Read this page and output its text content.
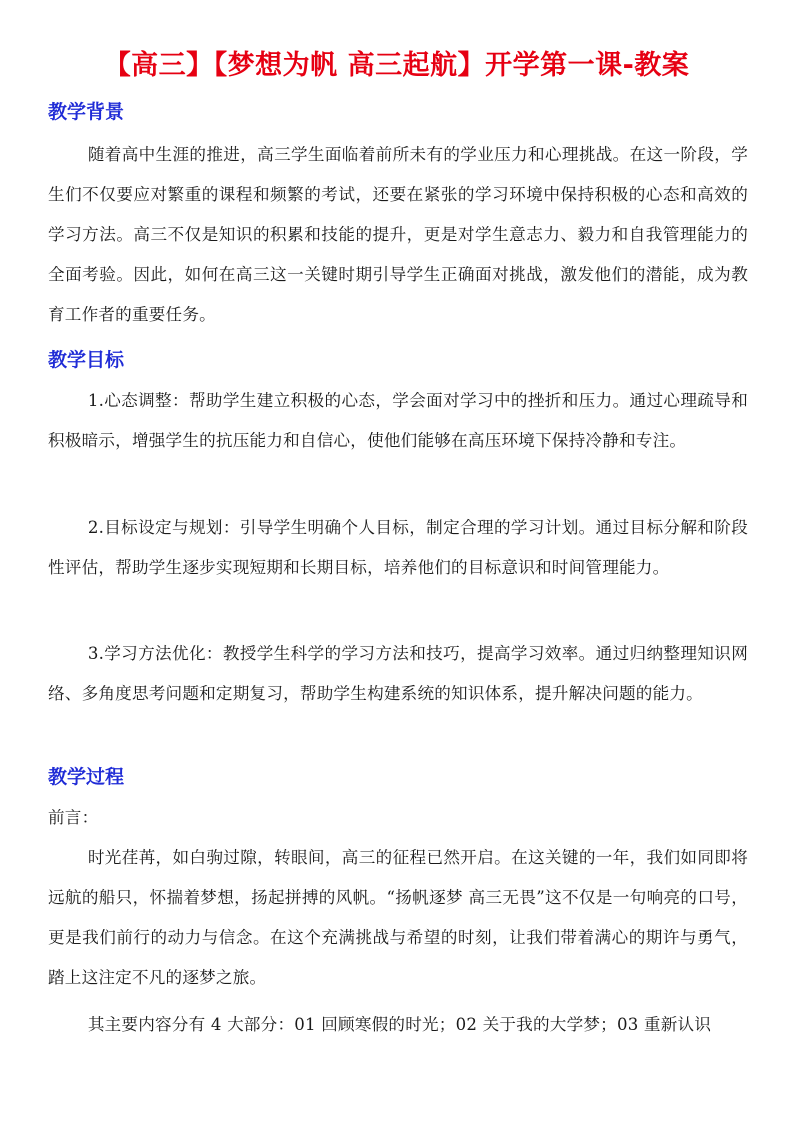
【高三】【梦想为帆 高三起航】开学第一课-教案
教学背景

随着高中生涯的推进，高三学生面临着前所未有的学业压力和心理挑战。在这一阶段，学生们不仅要应对繁重的课程和频繁的考试，还要在紧张的学习环境中保持积极的心态和高效的学习方法。高三不仅是知识的积累和技能的提升，更是对学生意志力、毅力和自我管理能力的全面考验。因此，如何在高三这一关键时期引导学生正确面对挑战，激发他们的潜能，成为教育工作者的重要任务。

教学目标

1.心态调整：帮助学生建立积极的心态，学会面对学习中的挫折和压力。通过心理疏导和积极暗示，增强学生的抗压能力和自信心，使他们能够在高压环境下保持冷静和专注。

2.目标设定与规划：引导学生明确个人目标，制定合理的学习计划。通过目标分解和阶段性评估，帮助学生逐步实现短期和长期目标，培养他们的目标意识和时间管理能力。

3.学习方法优化：教授学生科学的学习方法和技巧，提高学习效率。通过归纳整理知识网络、多角度思考问题和定期复习，帮助学生构建系统的知识体系，提升解决问题的能力。

教学过程

前言：

时光荏苒，如白驹过隙，转眼间，高三的征程已然开启。在这关键的一年，我们如同即将远航的船只，怀揣着梦想，扬起拼搏的风帆。“扬帆逐梦 高三无畏”这不仅是一句响亮的口号，更是我们前行的动力与信念。在这个充满挑战与希望的时刻，让我们带着满心的期许与勇气，踏上这注定不凡的逐梦之旅。

其主要内容分有 4 大部分：01 回顾寒假的时光；02 关于我的大学梦；03 重新认识
